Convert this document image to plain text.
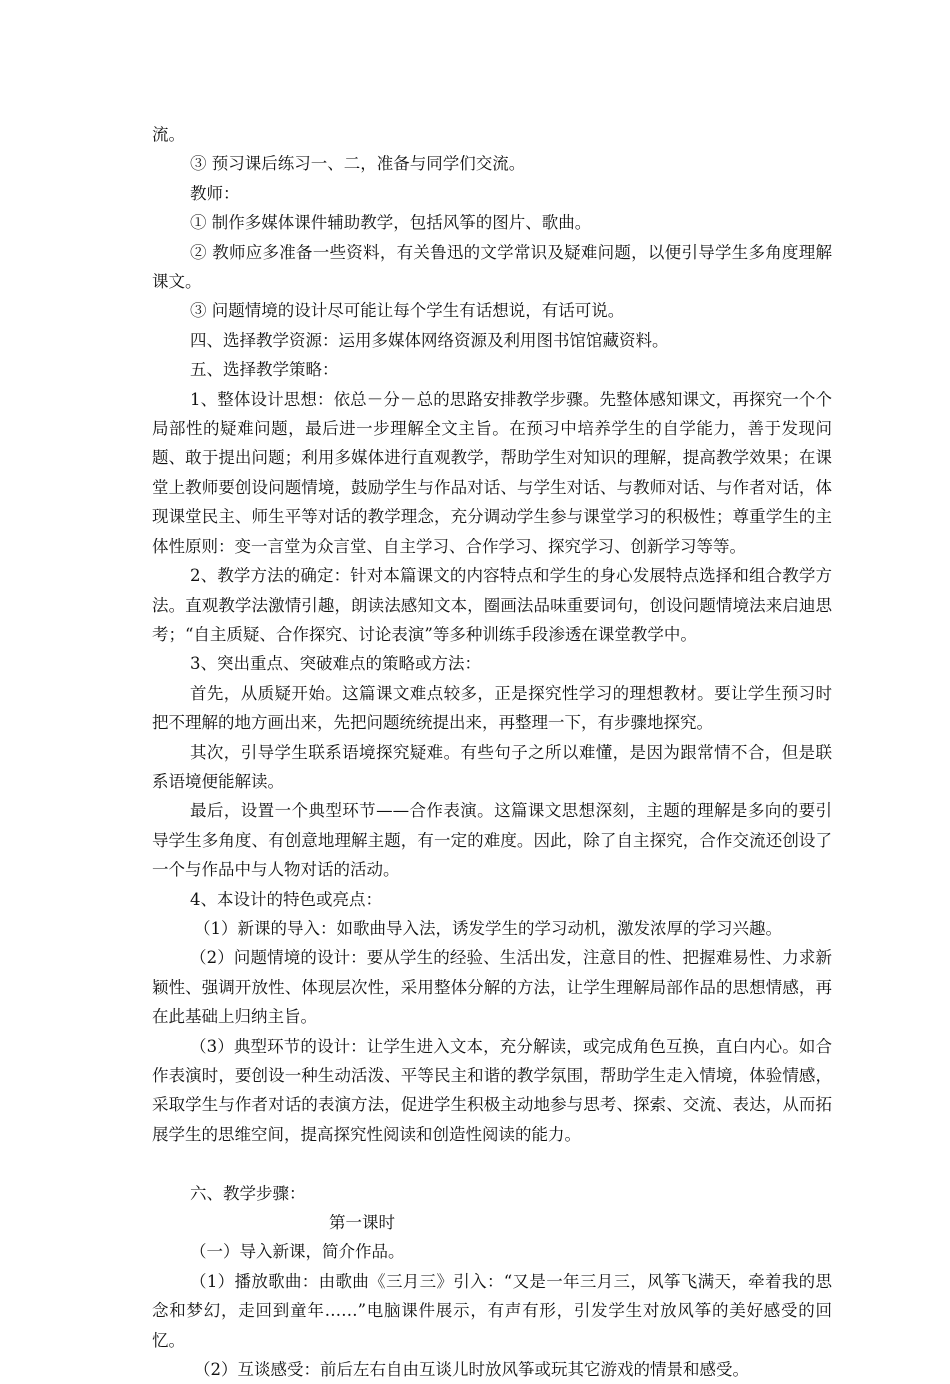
流。

③ 预习课后练习一、二，准备与同学们交流。

教师：

① 制作多媒体课件辅助教学，包括风筝的图片、歌曲。

② 教师应多准备一些资料，有关鲁迅的文学常识及疑难问题，以便引导学生多角度理解课文。

③ 问题情境的设计尽可能让每个学生有话想说，有话可说。

四、选择教学资源：运用多媒体网络资源及利用图书馆馆藏资料。

五、选择教学策略：

1、整体设计思想：依总－分－总的思路安排教学步骤。先整体感知课文，再探究一个个局部性的疑难问题，最后进一步理解全文主旨。在预习中培养学生的自学能力，善于发现问题、敢于提出问题；利用多媒体进行直观教学，帮助学生对知识的理解，提高教学效果；在课堂上教师要创设问题情境，鼓励学生与作品对话、与学生对话、与教师对话、与作者对话，体现课堂民主、师生平等对话的教学理念，充分调动学生参与课堂学习的积极性；尊重学生的主体性原则：变一言堂为众言堂、自主学习、合作学习、探究学习、创新学习等等。

2、教学方法的确定：针对本篇课文的内容特点和学生的身心发展特点选择和组合教学方法。直观教学法激情引趣，朗读法感知文本，圈画法品味重要词句，创设问题情境法来启迪思考；“自主质疑、合作探究、讨论表演”等多种训练手段渗透在课堂教学中。

3、突出重点、突破难点的策略或方法：

首先，从质疑开始。这篇课文难点较多，正是探究性学习的理想教材。要让学生预习时把不理解的地方画出来，先把问题统统提出来，再整理一下，有步骤地探究。

其次，引导学生联系语境探究疑难。有些句子之所以难懂，是因为跟常情不合，但是联系语境便能解读。

最后，设置一个典型环节——合作表演。这篇课文思想深刻，主题的理解是多向的要引导学生多角度、有创意地理解主题，有一定的难度。因此，除了自主探究，合作交流还创设了一个与作品中与人物对话的活动。

4、本设计的特色或亮点：

（1）新课的导入：如歌曲导入法，诱发学生的学习动机，激发浓厚的学习兴趣。

（2）问题情境的设计：要从学生的经验、生活出发，注意目的性、把握难易性、力求新颖性、强调开放性、体现层次性，采用整体分解的方法，让学生理解局部作品的思想情感，再在此基础上归纳主旨。

（3）典型环节的设计：让学生进入文本，充分解读，或完成角色互换，直白内心。如合作表演时，要创设一种生动活泼、平等民主和谐的教学氛围，帮助学生走入情境，体验情感，采取学生与作者对话的表演方法，促进学生积极主动地参与思考、探索、交流、表达，从而拓展学生的思维空间，提高探究性阅读和创造性阅读的能力。

六、教学步骤：

第一课时

（一）导入新课，简介作品。

（1）播放歌曲：由歌曲《三月三》引入：“又是一年三月三，风筝飞满天，牵着我的思念和梦幻，走回到童年……”电脑课件展示，有声有形，引发学生对放风筝的美好感受的回忆。

（2）互谈感受：前后左右自由互谈儿时放风筝或玩其它游戏的情景和感受。
